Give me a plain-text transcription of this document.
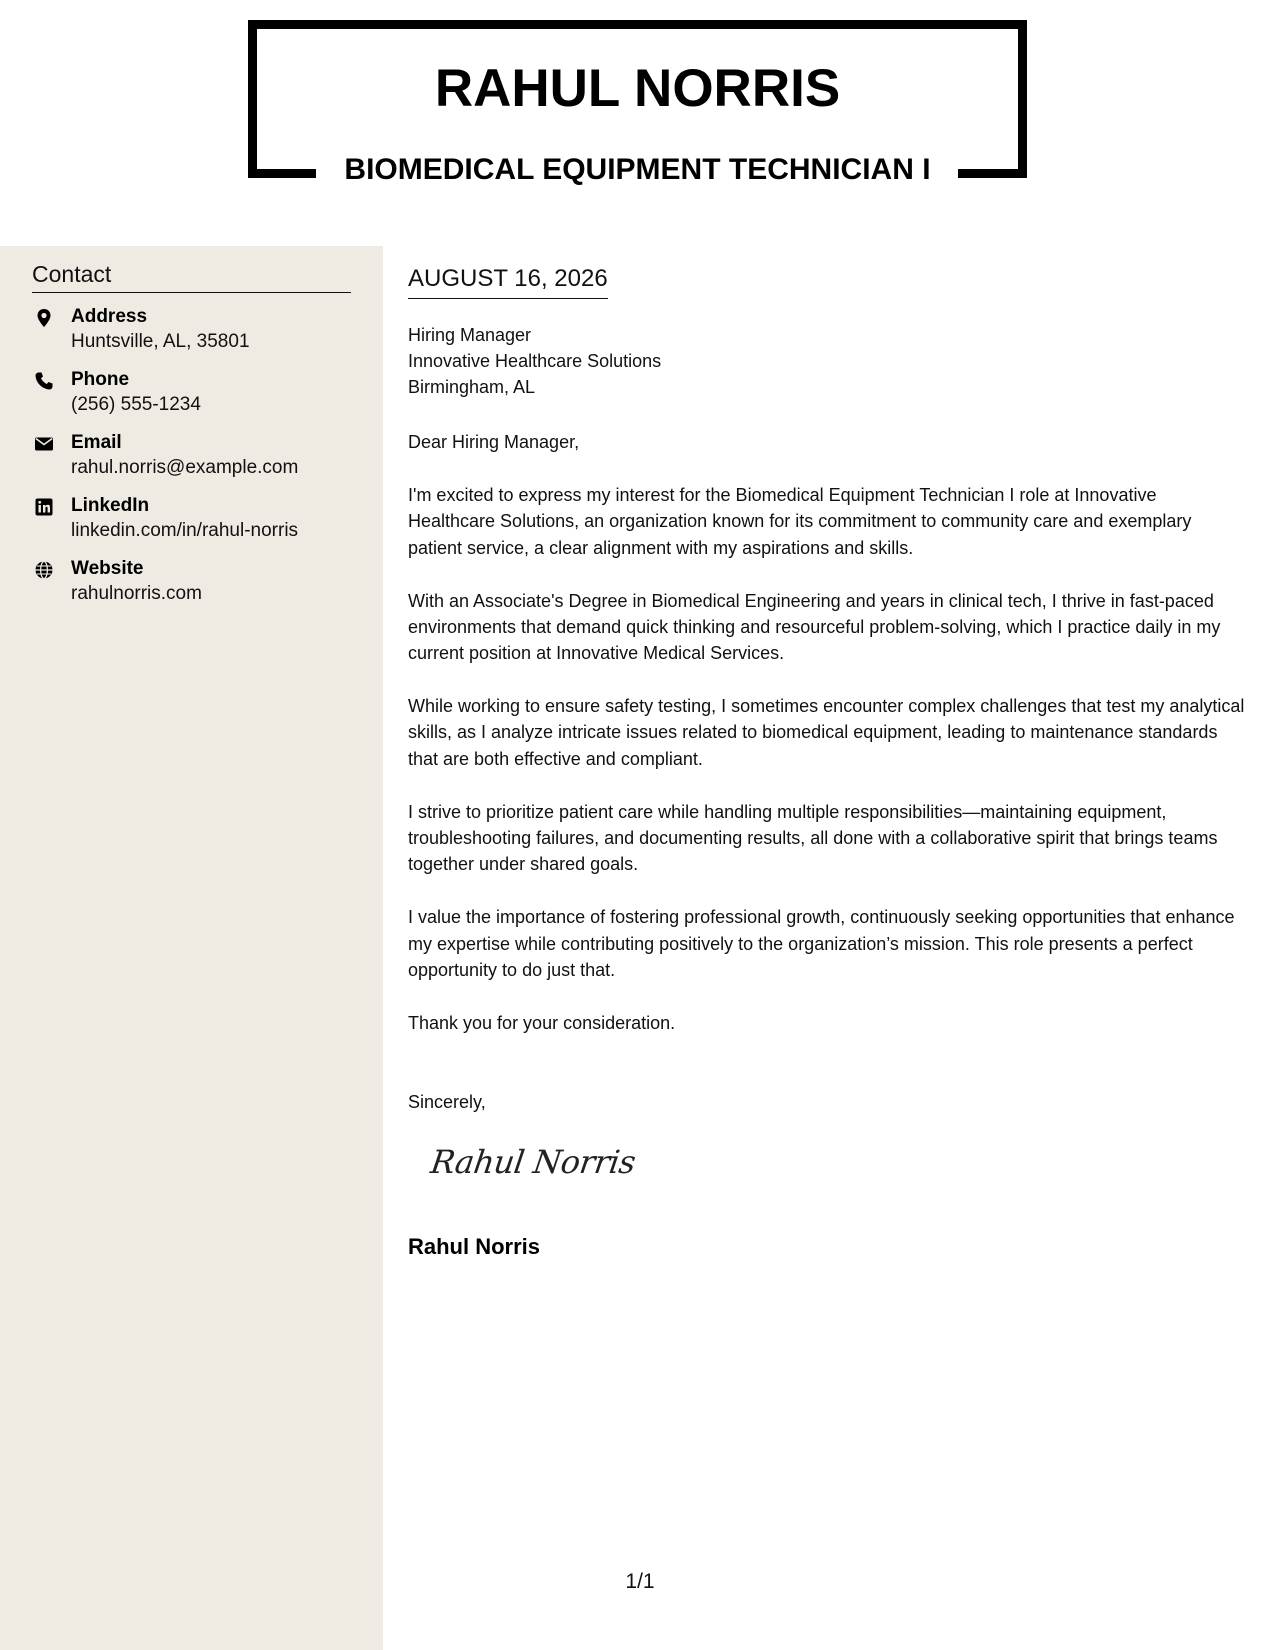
RAHUL NORRIS
BIOMEDICAL EQUIPMENT TECHNICIAN I
Contact
Address
Huntsville, AL, 35801
Phone
(256) 555-1234
Email
rahul.norris@example.com
LinkedIn
linkedin.com/in/rahul-norris
Website
rahulnorris.com
AUGUST 16, 2026
Hiring Manager
Innovative Healthcare Solutions
Birmingham, AL
Dear Hiring Manager,

I'm excited to express my interest for the Biomedical Equipment Technician I role at Innovative Healthcare Solutions, an organization known for its commitment to community care and exemplary patient service, a clear alignment with my aspirations and skills.

With an Associate's Degree in Biomedical Engineering and years in clinical tech, I thrive in fast-paced environments that demand quick thinking and resourceful problem-solving, which I practice daily in my current position at Innovative Medical Services.

While working to ensure safety testing, I sometimes encounter complex challenges that test my analytical skills, as I analyze intricate issues related to biomedical equipment, leading to maintenance standards that are both effective and compliant.

I strive to prioritize patient care while handling multiple responsibilities—maintaining equipment, troubleshooting failures, and documenting results, all done with a collaborative spirit that brings teams together under shared goals.

I value the importance of fostering professional growth, continuously seeking opportunities that enhance my expertise while contributing positively to the organization’s mission. This role presents a perfect opportunity to do just that.

Thank you for your consideration.

Sincerely,
Rahul Norris
Rahul Norris
1/1
